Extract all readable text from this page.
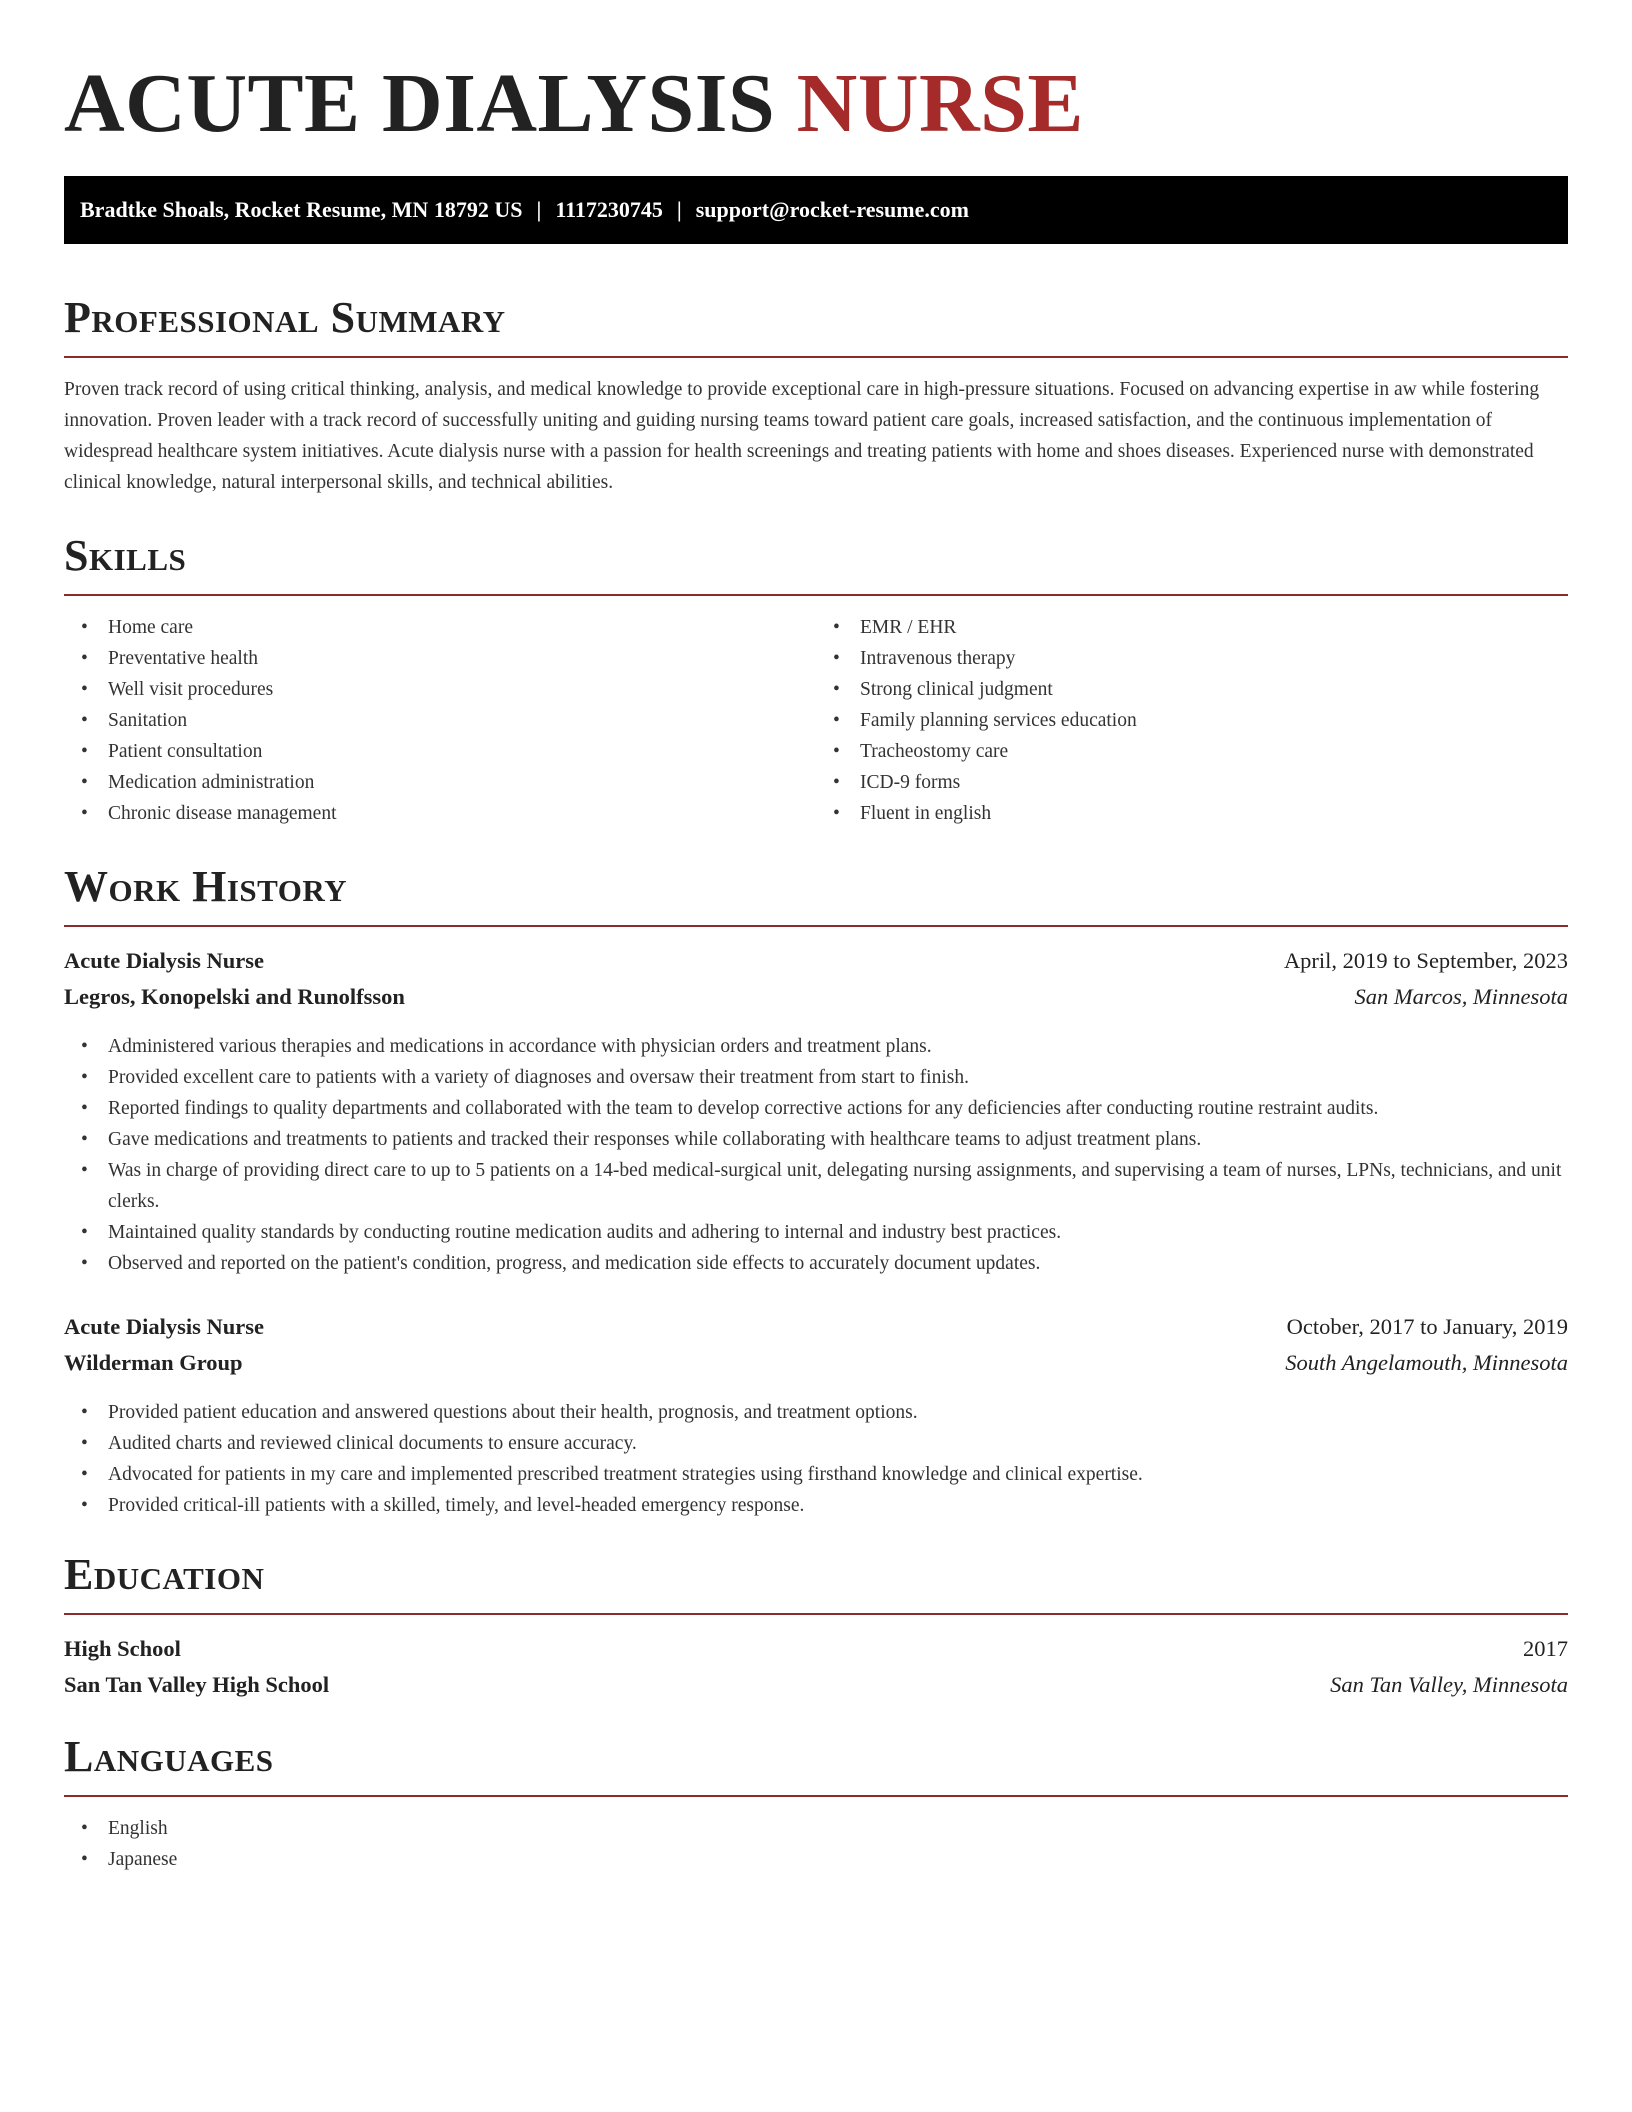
ACUTE DIALYSIS NURSE
Bradtke Shoals, Rocket Resume, MN 18792 US | 1117230745 | support@rocket-resume.com
Professional Summary

Proven track record of using critical thinking, analysis, and medical knowledge to provide exceptional care in high-pressure situations. Focused on advancing expertise in aw while fostering innovation. Proven leader with a track record of successfully uniting and guiding nursing teams toward patient care goals, increased satisfaction, and the continuous implementation of widespread healthcare system initiatives. Acute dialysis nurse with a passion for health screenings and treating patients with home and shoes diseases. Experienced nurse with demonstrated clinical knowledge, natural interpersonal skills, and technical abilities.

Skills
• Home care
• Preventative health
• Well visit procedures
• Sanitation
• Patient consultation
• Medication administration
• Chronic disease management
• EMR / EHR
• Intravenous therapy
• Strong clinical judgment
• Family planning services education
• Tracheostomy care
• ICD-9 forms
• Fluent in english
Work History
Acute Dialysis Nurse	April, 2019 to September, 2023
Legros, Konopelski and Runolfsson	San Marcos, Minnesota
• Administered various therapies and medications in accordance with physician orders and treatment plans.
• Provided excellent care to patients with a variety of diagnoses and oversaw their treatment from start to finish.
• Reported findings to quality departments and collaborated with the team to develop corrective actions for any deficiencies after conducting routine restraint audits.
• Gave medications and treatments to patients and tracked their responses while collaborating with healthcare teams to adjust treatment plans.
• Was in charge of providing direct care to up to 5 patients on a 14-bed medical-surgical unit, delegating nursing assignments, and supervising a team of nurses, LPNs, technicians, and unit clerks.
• Maintained quality standards by conducting routine medication audits and adhering to internal and industry best practices.
• Observed and reported on the patient's condition, progress, and medication side effects to accurately document updates.
Acute Dialysis Nurse	October, 2017 to January, 2019
Wilderman Group	South Angelamouth, Minnesota
• Provided patient education and answered questions about their health, prognosis, and treatment options.
• Audited charts and reviewed clinical documents to ensure accuracy.
• Advocated for patients in my care and implemented prescribed treatment strategies using firsthand knowledge and clinical expertise.
• Provided critical-ill patients with a skilled, timely, and level-headed emergency response.
Education
High School	2017
San Tan Valley High School	San Tan Valley, Minnesota
Languages
• English
• Japanese
